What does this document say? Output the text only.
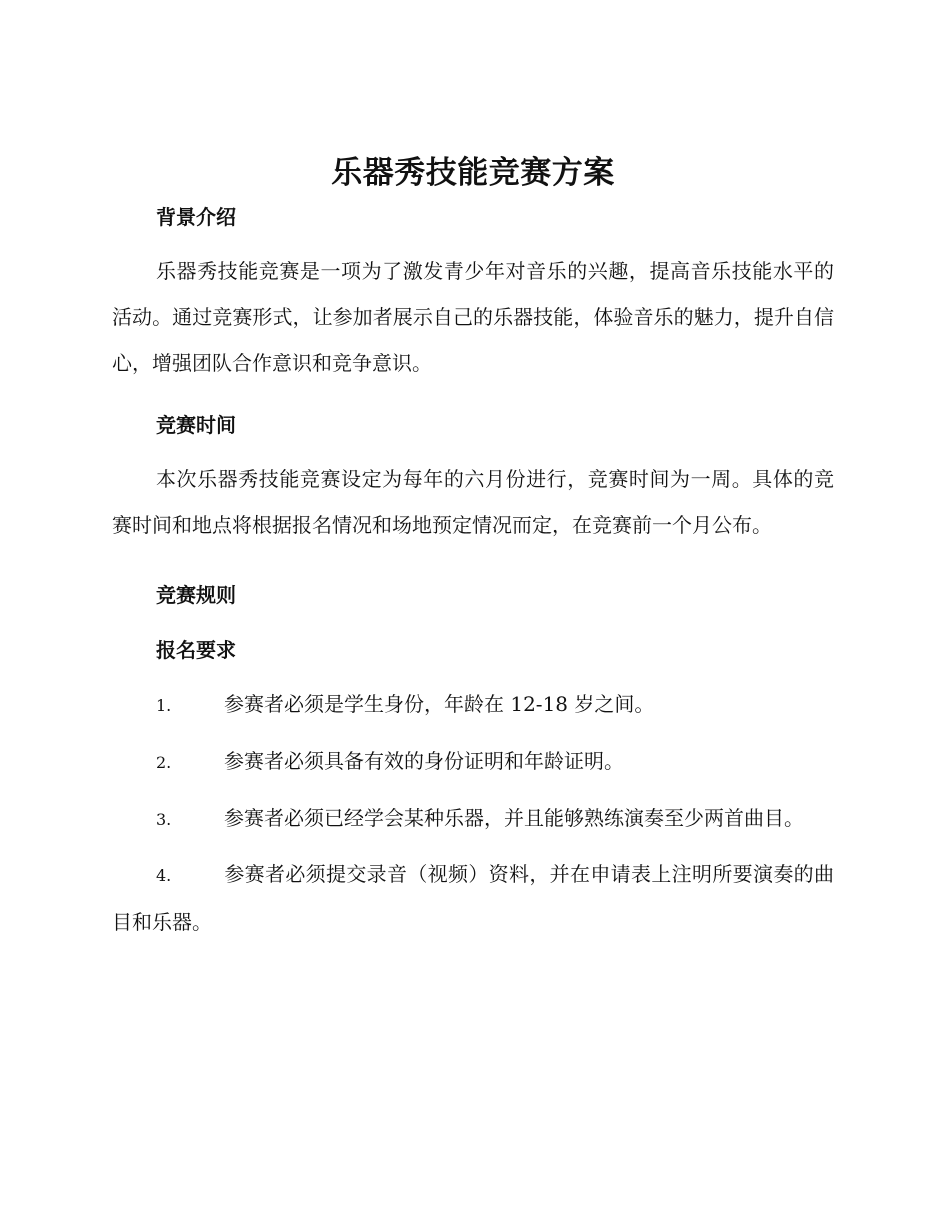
乐器秀技能竞赛方案
背景介绍

乐器秀技能竞赛是一项为了激发青少年对音乐的兴趣，提高音乐技能水平的活动。通过竞赛形式，让参加者展示自己的乐器技能，体验音乐的魅力，提升自信心，增强团队合作意识和竞争意识。

竞赛时间

本次乐器秀技能竞赛设定为每年的六月份进行，竞赛时间为一周。具体的竞赛时间和地点将根据报名情况和场地预定情况而定，在竞赛前一个月公布。

竞赛规则
报名要求

1.	参赛者必须是学生身份，年龄在 12-18 岁之间。

2.	参赛者必须具备有效的身份证明和年龄证明。

3.	参赛者必须已经学会某种乐器，并且能够熟练演奏至少两首曲目。

4.	参赛者必须提交录音（视频）资料，并在申请表上注明所要演奏的曲目和乐器。
